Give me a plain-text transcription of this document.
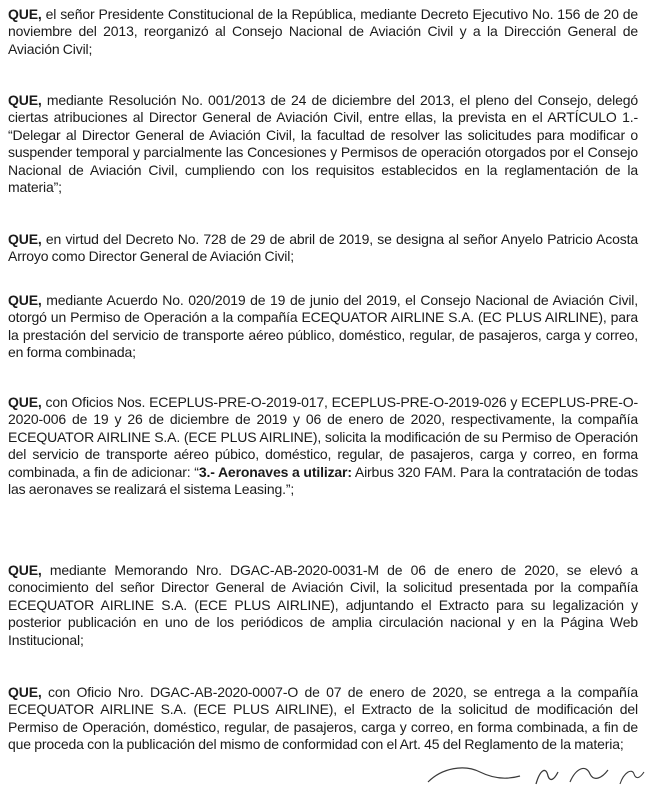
QUE, el señor Presidente Constitucional de la República, mediante Decreto Ejecutivo No. 156 de 20 de noviembre del 2013, reorganizó al Consejo Nacional de Aviación Civil y a la Dirección General de Aviación Civil;

QUE, mediante Resolución No. 001/2013 de 24 de diciembre del 2013, el pleno del Consejo, delegó ciertas atribuciones al Director General de Aviación Civil, entre ellas, la prevista en el ARTÍCULO 1.- “Delegar al Director General de Aviación Civil, la facultad de resolver las solicitudes para modificar o suspender temporal y parcialmente las Concesiones y Permisos de operación otorgados por el Consejo Nacional de Aviación Civil, cumpliendo con los requisitos establecidos en la reglamentación de la materia”;

QUE, en virtud del Decreto No. 728 de 29 de abril de 2019, se designa al señor Anyelo Patricio Acosta Arroyo como Director General de Aviación Civil;

QUE, mediante Acuerdo No. 020/2019 de 19 de junio del 2019, el Consejo Nacional de Aviación Civil, otorgó un Permiso de Operación a la compañía ECEQUATOR AIRLINE S.A. (EC PLUS AIRLINE), para la prestación del servicio de transporte aéreo público, doméstico, regular, de pasajeros, carga y correo, en forma combinada;

QUE, con Oficios Nos. ECEPLUS-PRE-O-2019-017, ECEPLUS-PRE-O-2019-026 y ECEPLUS-PRE-O-2020-006 de 19 y 26 de diciembre de 2019 y 06 de enero de 2020, respectivamente, la compañía ECEQUATOR AIRLINE S.A. (ECE PLUS AIRLINE), solicita la modificación de su Permiso de Operación del servicio de transporte aéreo púbico, doméstico, regular, de pasajeros, carga y correo, en forma combinada, a fin de adicionar: “3.- Aeronaves a utilizar: Airbus 320 FAM. Para la contratación de todas las aeronaves se realizará el sistema Leasing.”;

QUE, mediante Memorando Nro. DGAC-AB-2020-0031-M de 06 de enero de 2020, se elevó a conocimiento del señor Director General de Aviación Civil, la solicitud presentada por la compañía ECEQUATOR AIRLINE S.A. (ECE PLUS AIRLINE), adjuntando el Extracto para su legalización y posterior publicación en uno de los periódicos de amplia circulación nacional y en la Página Web Institucional;

QUE, con Oficio Nro. DGAC-AB-2020-0007-O de 07 de enero de 2020, se entrega a la compañía ECEQUATOR AIRLINE S.A. (ECE PLUS AIRLINE), el Extracto de la solicitud de modificación del Permiso de Operación, doméstico, regular, de pasajeros, carga y correo, en forma combinada, a fin de que proceda con la publicación del mismo de conformidad con el Art. 45 del Reglamento de la materia;
